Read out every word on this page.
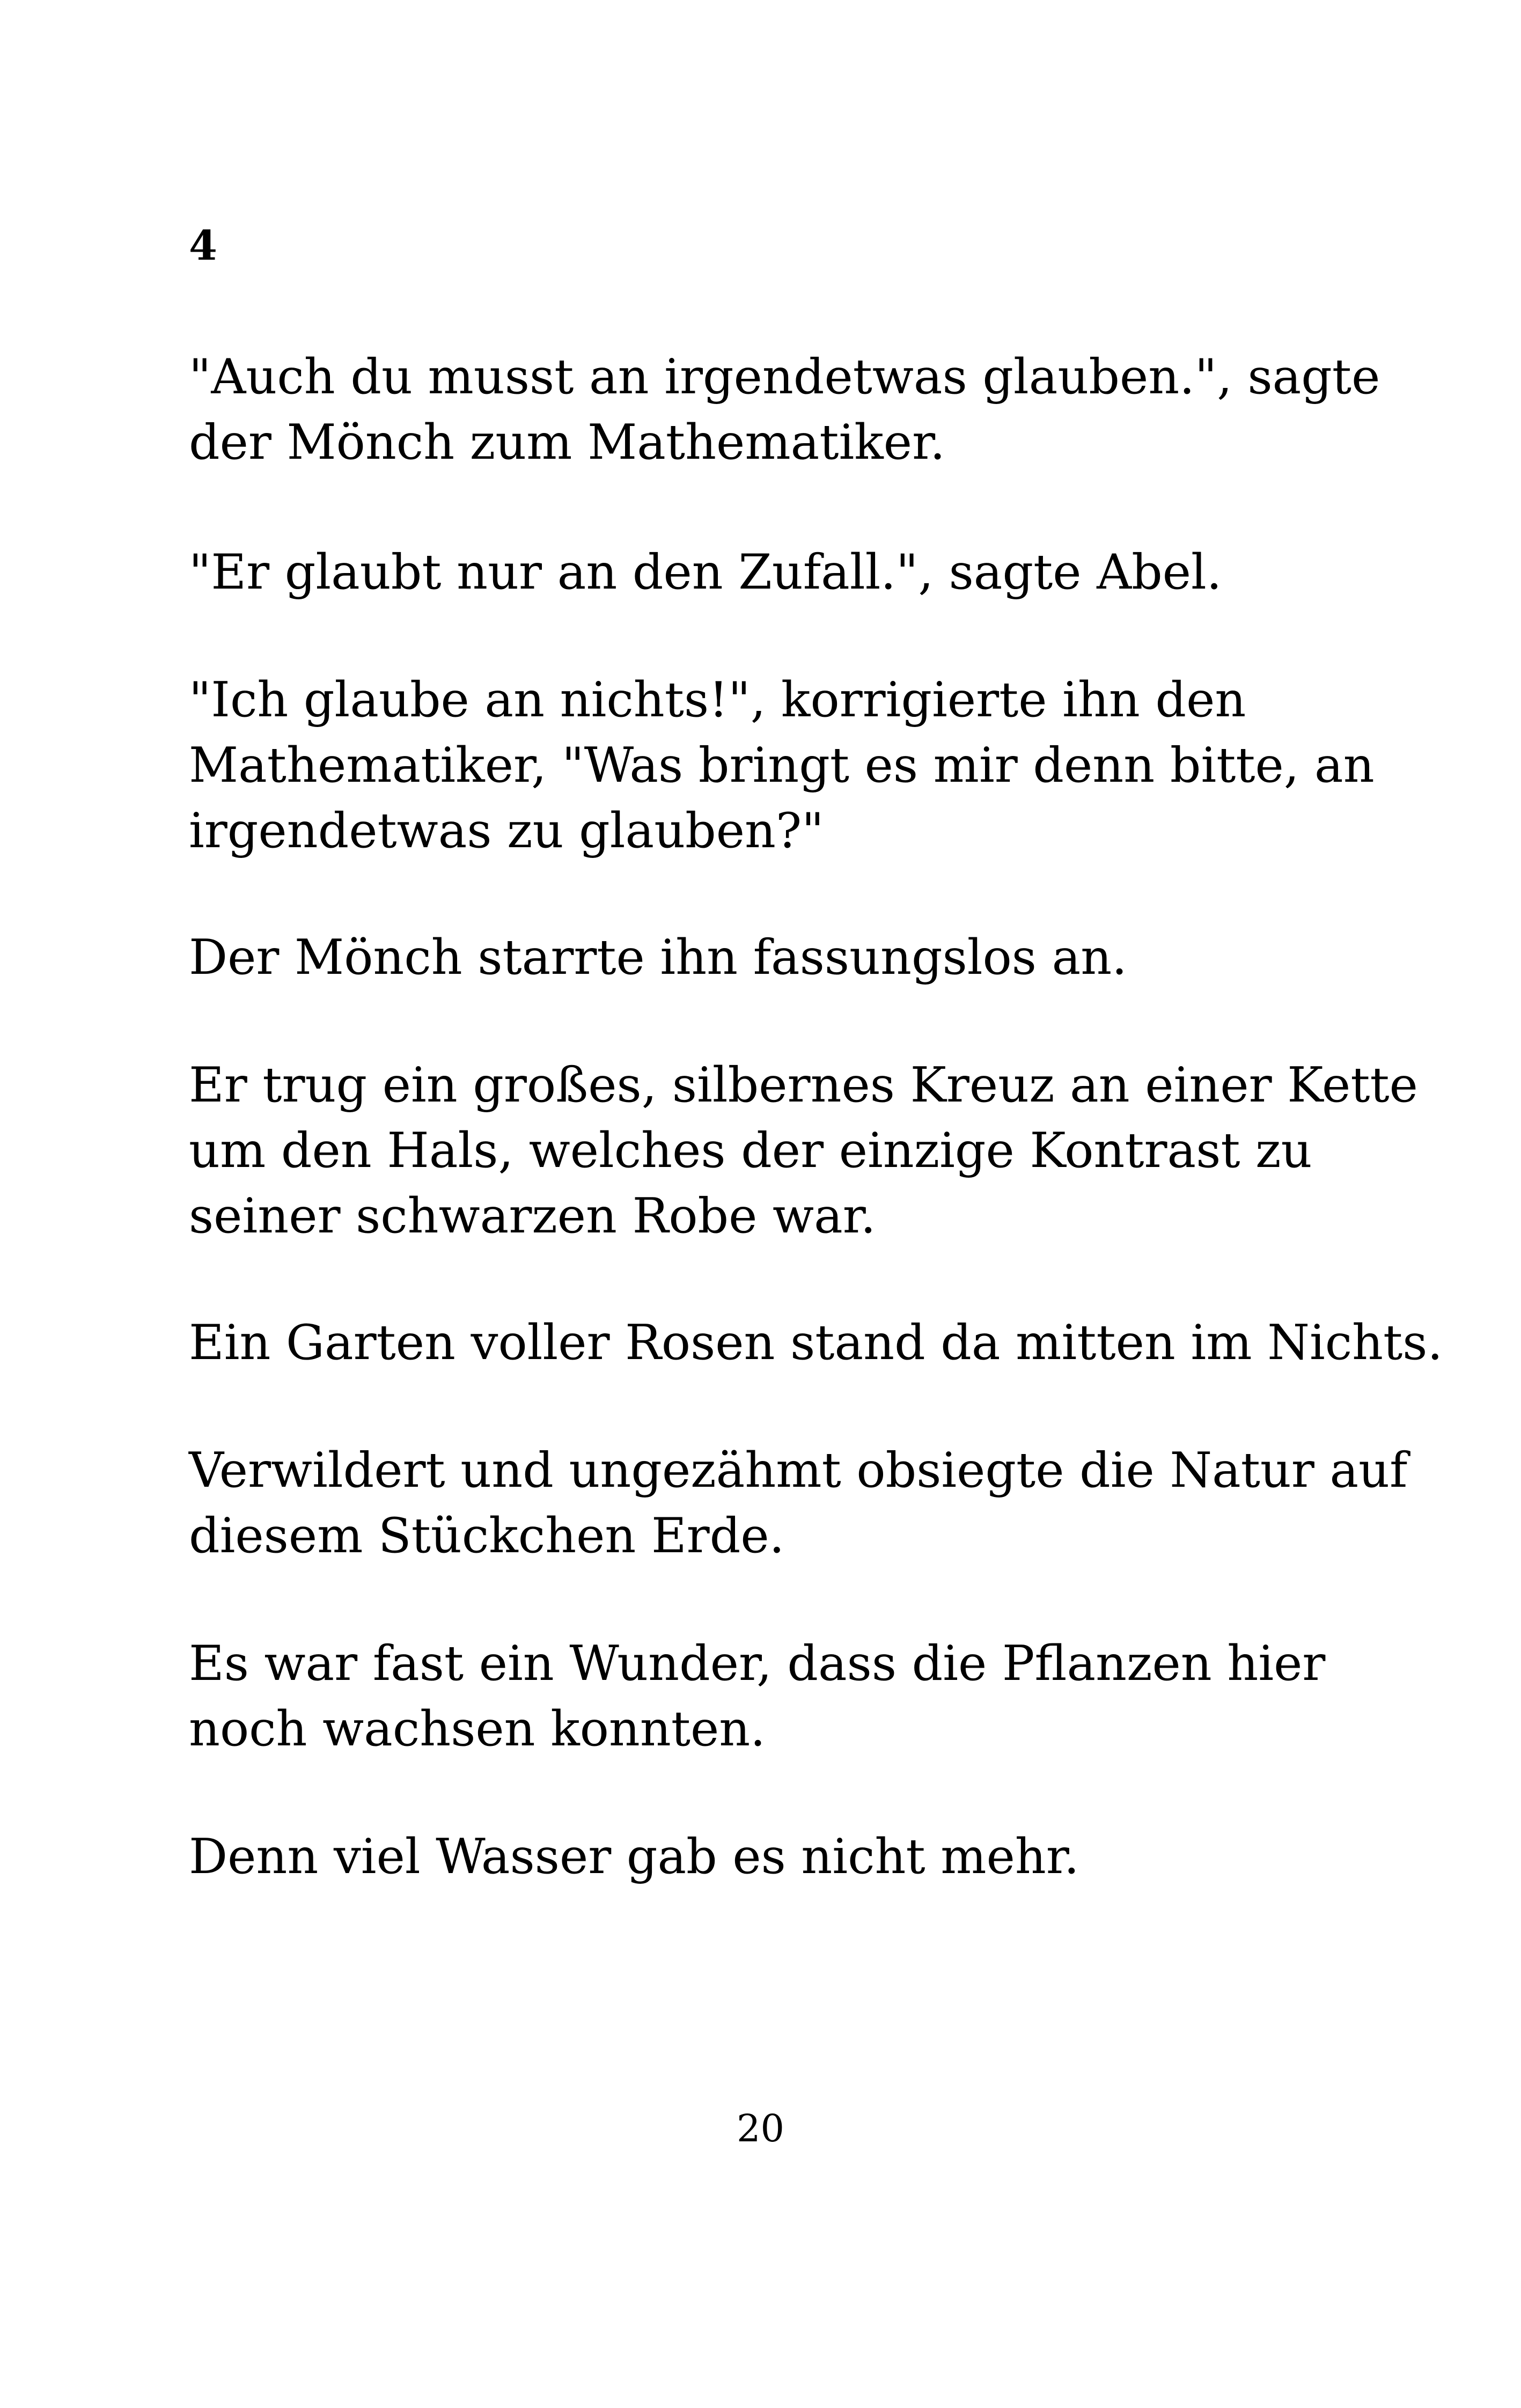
4
"Auch du musst an irgendetwas glauben.", sagte
der Mönch zum Mathematiker.
"Er glaubt nur an den Zufall.", sagte Abel.
"Ich glaube an nichts!", korrigierte ihn den
Mathematiker, "Was bringt es mir denn bitte, an
irgendetwas zu glauben?"
Der Mönch starrte ihn fassungslos an.
Er trug ein großes, silbernes Kreuz an einer Kette
um den Hals, welches der einzige Kontrast zu
seiner schwarzen Robe war.
Ein Garten voller Rosen stand da mitten im Nichts.
Verwildert und ungezähmt obsiegte die Natur auf
diesem Stückchen Erde.
Es war fast ein Wunder, dass die Pflanzen hier
noch wachsen konnten.
Denn viel Wasser gab es nicht mehr.
20
